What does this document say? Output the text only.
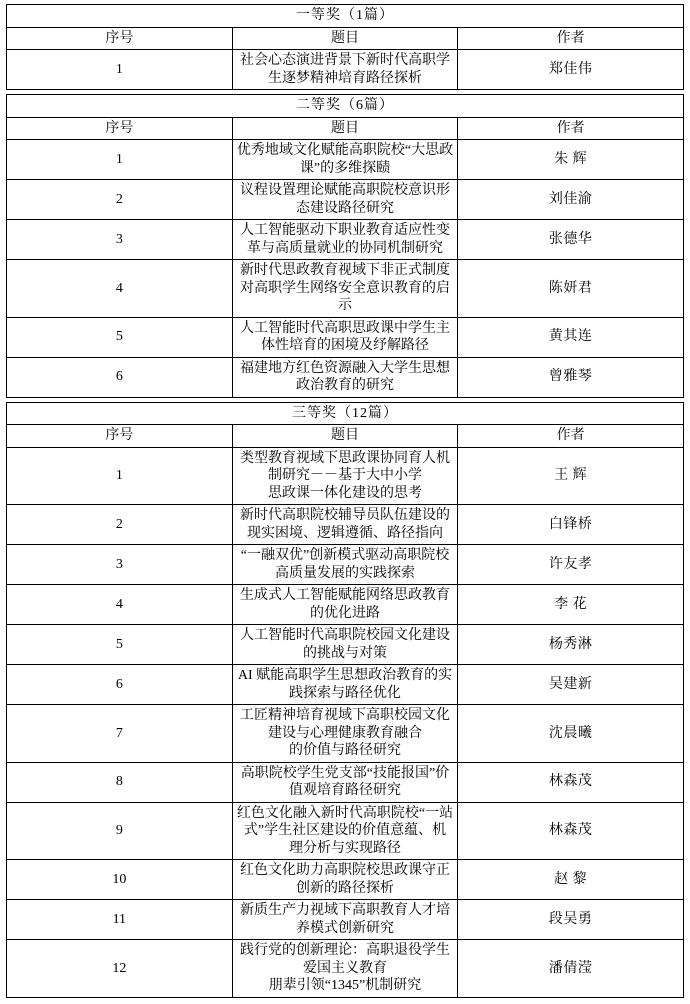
一等奖（1篇）		
序号	题目	作者
1	社会心态演进背景下新时代高职学生逐梦精神培育路径探析	郑佳伟
二等奖（6篇）		
序号	题目	作者
1	优秀地域文化赋能高职院校“大思政课”的多维探赜	朱 辉
2	议程设置理论赋能高职院校意识形态建设路径研究	刘佳渝
3	人工智能驱动下职业教育适应性变革与高质量就业的协同机制研究	张德华
4	新时代思政教育视域下非正式制度对高职学生网络安全意识教育的启示	陈妍君
5	人工智能时代高职思政课中学生主体性培育的困境及纾解路径	黄其连
6	福建地方红色资源融入大学生思想政治教育的研究	曾雅琴
三等奖（12篇）		
序号	题目	作者
1	类型教育视域下思政课协同育人机制研究－－基于大中小学
思政课一体化建设的思考	王 辉
2	新时代高职院校辅导员队伍建设的现实困境、逻辑遵循、路径指向	白锋桥
3	“一融双优”创新模式驱动高职院校高质量发展的实践探索	许友孝
4	生成式人工智能赋能网络思政教育的优化进路	李 花
5	人工智能时代高职院校园文化建设的挑战与对策	杨秀淋
6	AI 赋能高职学生思想政治教育的实践探索与路径优化	吴建新
7	工匠精神培育视域下高职校园文化建设与心理健康教育融合
的价值与路径研究	沈晨曦
8	高职院校学生党支部“技能报国”价值观培育路径研究	林森茂
9	红色文化融入新时代高职院校“一站式”学生社区建设的价值意蕴、机
理分析与实现路径	林森茂
10	红色文化助力高职院校思政课守正创新的路径探析	赵 黎
11	新质生产力视域下高职教育人才培养模式创新研究	段吴勇
12	践行党的创新理论：高职退役学生爱国主义教育
朋辈引领“1345”机制研究	潘倩滢
